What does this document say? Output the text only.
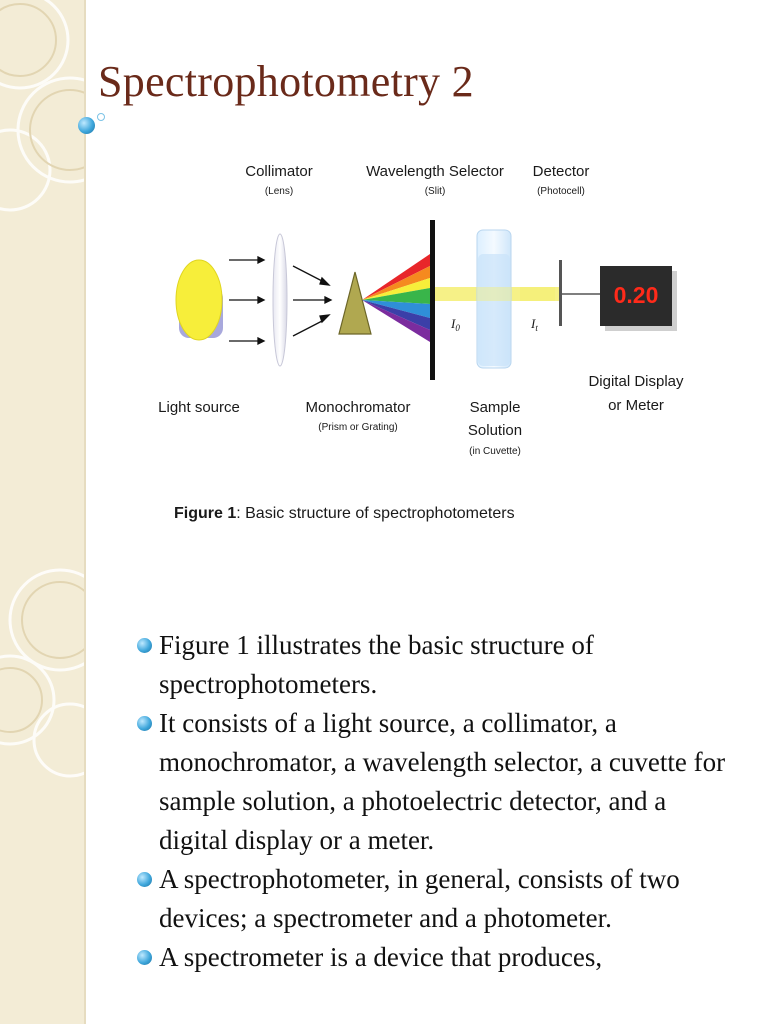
Spectrophotometry 2
Collimator
(Lens)
Wavelength Selector
(Slit)
Detector
(Photocell)
$I_0$	$I_t$
0.20
Light source	Monochromator
(Prism or Grating)
Sample
Solution
(in Cuvette)
Digital Display
or Meter
Figure 1: Basic structure of spectrophotometers
Figure 1 illustrates the basic structure of spectrophotometers.
It consists of a light source, a collimator, a monochromator, a wavelength selector, a cuvette for sample solution, a photoelectric detector, and a digital display or a meter.
A spectrophotometer, in general, consists of two devices; a spectrometer and a photometer.
A spectrometer is a device that produces,
